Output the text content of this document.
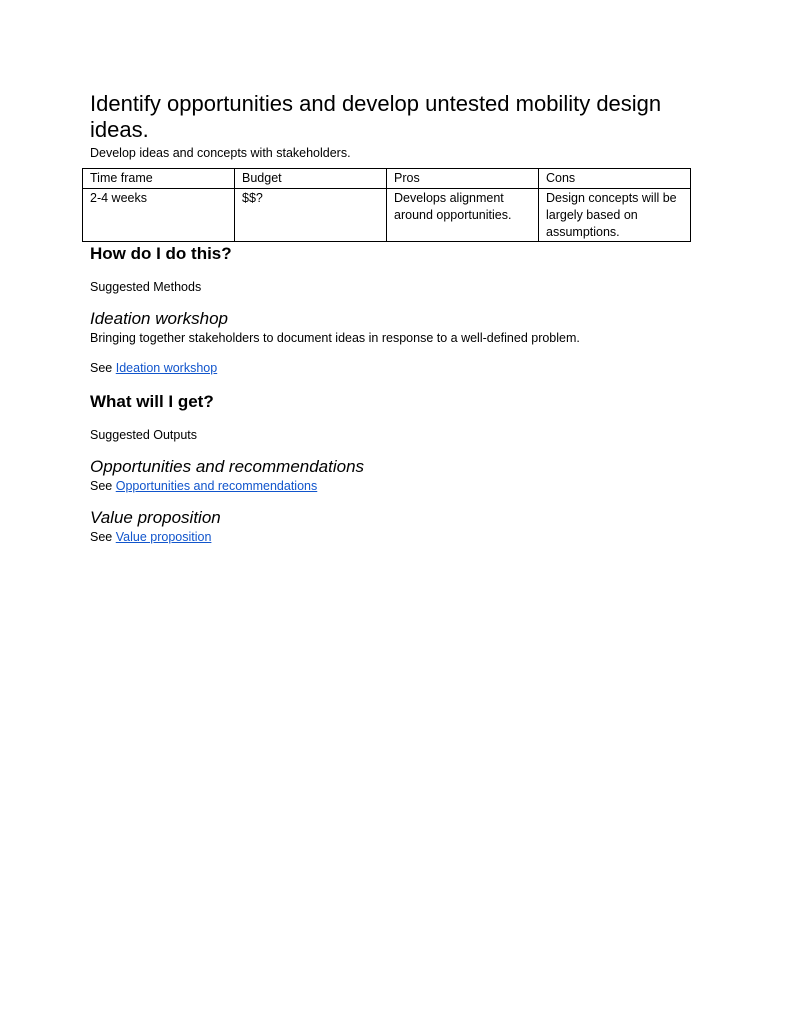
Identify opportunities and develop untested mobility design ideas.

Develop ideas and concepts with stakeholders.

Time frame	Budget	Pros	Cons
2-4 weeks	$$?	Develops alignment around opportunities.	Design concepts will be largely based on assumptions.
How do I do this?

Suggested Methods

Ideation workshop

Bringing together stakeholders to document ideas in response to a well-defined problem.

See Ideation workshop

What will I get?

Suggested Outputs

Opportunities and recommendations

See Opportunities and recommendations

Value proposition

See Value proposition
